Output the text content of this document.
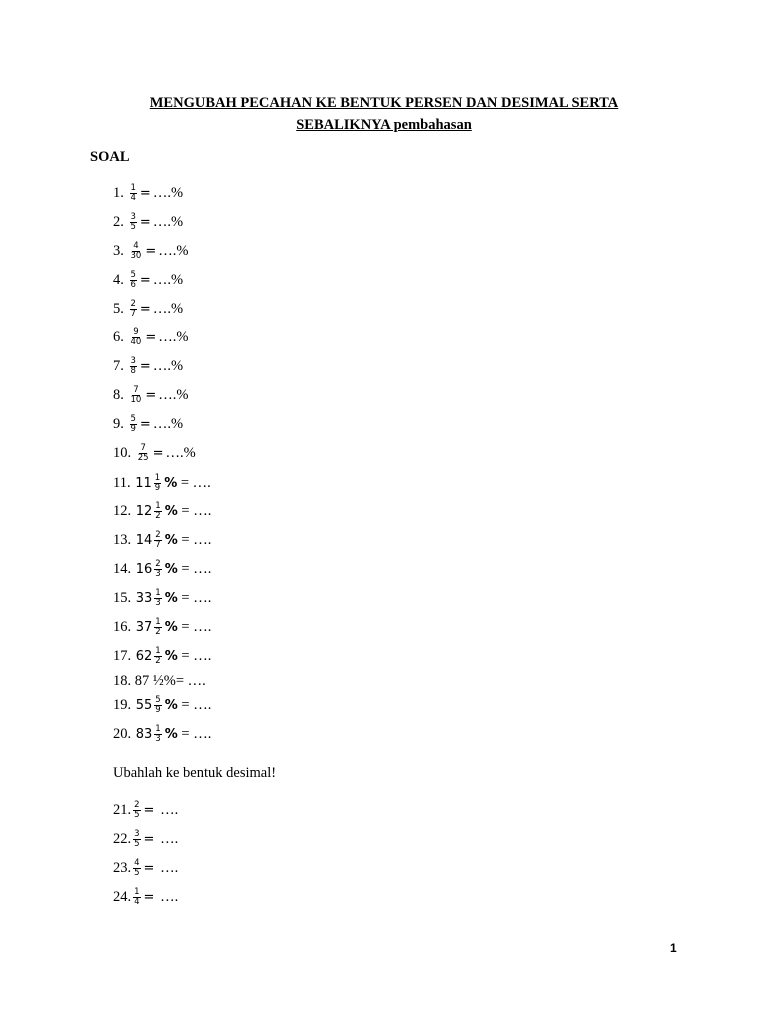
MENGUBAH PECAHAN KE BENTUK PERSEN DAN DESIMAL SERTA
SEBALIKNYA pembahasan
SOAL
1. $\frac{1}{4}$ = ….%
2. $\frac{3}{5}$ = ….%
3. $\frac{4}{30}$ = ….%
4. $\frac{5}{6}$ = ….%
5. $\frac{2}{7}$ = ….%
6. $\frac{9}{40}$ = ….%
7. $\frac{3}{8}$ = ….%
8. $\frac{7}{10}$ = ….%
9. $\frac{5}{9}$ = ….%
10. $\frac{7}{25}$ = ….%
11. $11 \frac{1}{9}$ % = ….
12. $12 \frac{1}{2}$ % = ….
13. $14 \frac{2}{7}$ % = ….
14. $16 \frac{2}{3}$ % = ….
15. $33 \frac{1}{3}$ % = ….
16. $37 \frac{1}{2}$ % = ….
17. $62 \frac{1}{2}$ % = ….
18. 87 ½%= ….
19. $55 \frac{5}{9}$ % = ….
20. $83 \frac{1}{3}$ % = ….
Ubahlah ke bentuk desimal!
21. $\frac{2}{5}$ = ….
22. $\frac{3}{5}$ = ….
23. $\frac{4}{5}$ = ….
24. $\frac{1}{4}$ = ….
1
